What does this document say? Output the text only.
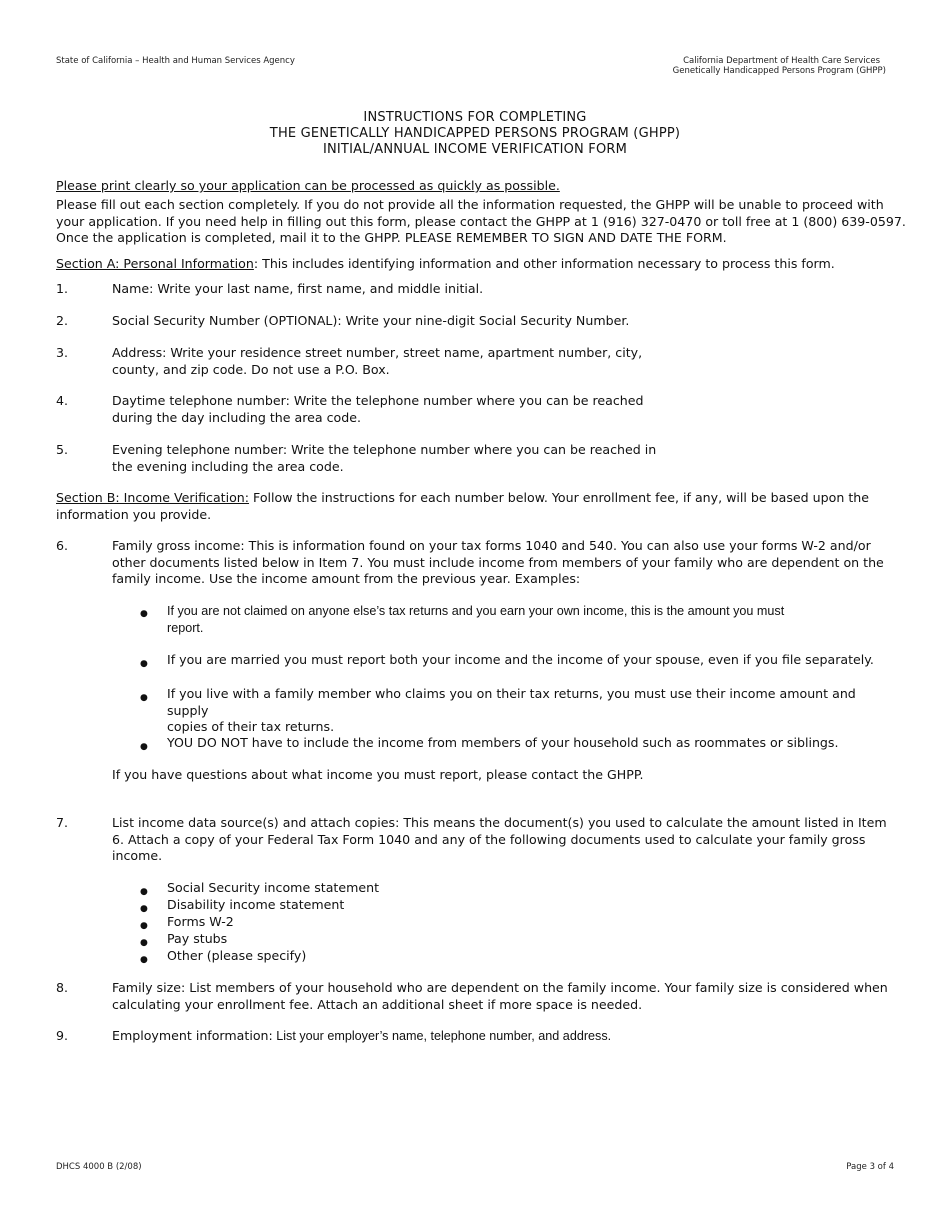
State of California – Health and Human Services Agency	California Department of Health Care Services
Genetically Handicapped Persons Program (GHPP)
INSTRUCTIONS FOR COMPLETING
THE GENETICALLY HANDICAPPED PERSONS PROGRAM (GHPP)
INITIAL/ANNUAL INCOME VERIFICATION FORM
Please print clearly so your application can be processed as quickly as possible.
Please fill out each section completely. If you do not provide all the information requested, the GHPP will be unable to proceed with
your application. If you need help in filling out this form, please contact the GHPP at 1 (916) 327-0470 or toll free at 1 (800) 639-0597.
Once the application is completed, mail it to the GHPP. PLEASE REMEMBER TO SIGN AND DATE THE FORM.
Section A: Personal Information: This includes identifying information and other information necessary to process this form.
1.	Name: Write your last name, first name, and middle initial.
2.	Social Security Number (OPTIONAL): Write your nine-digit Social Security Number.
3.	Address: Write your residence street number, street name, apartment number, city,
county, and zip code. Do not use a P.O. Box.
4.	Daytime telephone number: Write the telephone number where you can be reached
during the day including the area code.
5.	Evening telephone number: Write the telephone number where you can be reached in
the evening including the area code.
Section B: Income Verification: Follow the instructions for each number below. Your enrollment fee, if any, will be based upon the
information you provide.
6.	Family gross income: This is information found on your tax forms 1040 and 540. You can also use your forms W-2 and/or
other documents listed below in Item 7. You must include income from members of your family who are dependent on the
family income. Use the income amount from the previous year. Examples:
● If you are not claimed on anyone else’s tax returns and you earn your own income, this is the amount you must
report.
● If you are married you must report both your income and the income of your spouse, even if you file separately.
● If you live with a family member who claims you on their tax returns, you must use their income amount and supply
copies of their tax returns.
● YOU DO NOT have to include the income from members of your household such as roommates or siblings.
If you have questions about what income you must report, please contact the GHPP.
7.	List income data source(s) and attach copies: This means the document(s) you used to calculate the amount listed in Item
6. Attach a copy of your Federal Tax Form 1040 and any of the following documents used to calculate your family gross
income.
● Social Security income statement
● Disability income statement
● Forms W-2
● Pay stubs
● Other (please specify)
8.	Family size: List members of your household who are dependent on the family income. Your family size is considered when
calculating your enrollment fee. Attach an additional sheet if more space is needed.
9.	Employment information: List your employer’s name, telephone number, and address.
DHCS 4000 B (2/08)	Page 3 of 4
